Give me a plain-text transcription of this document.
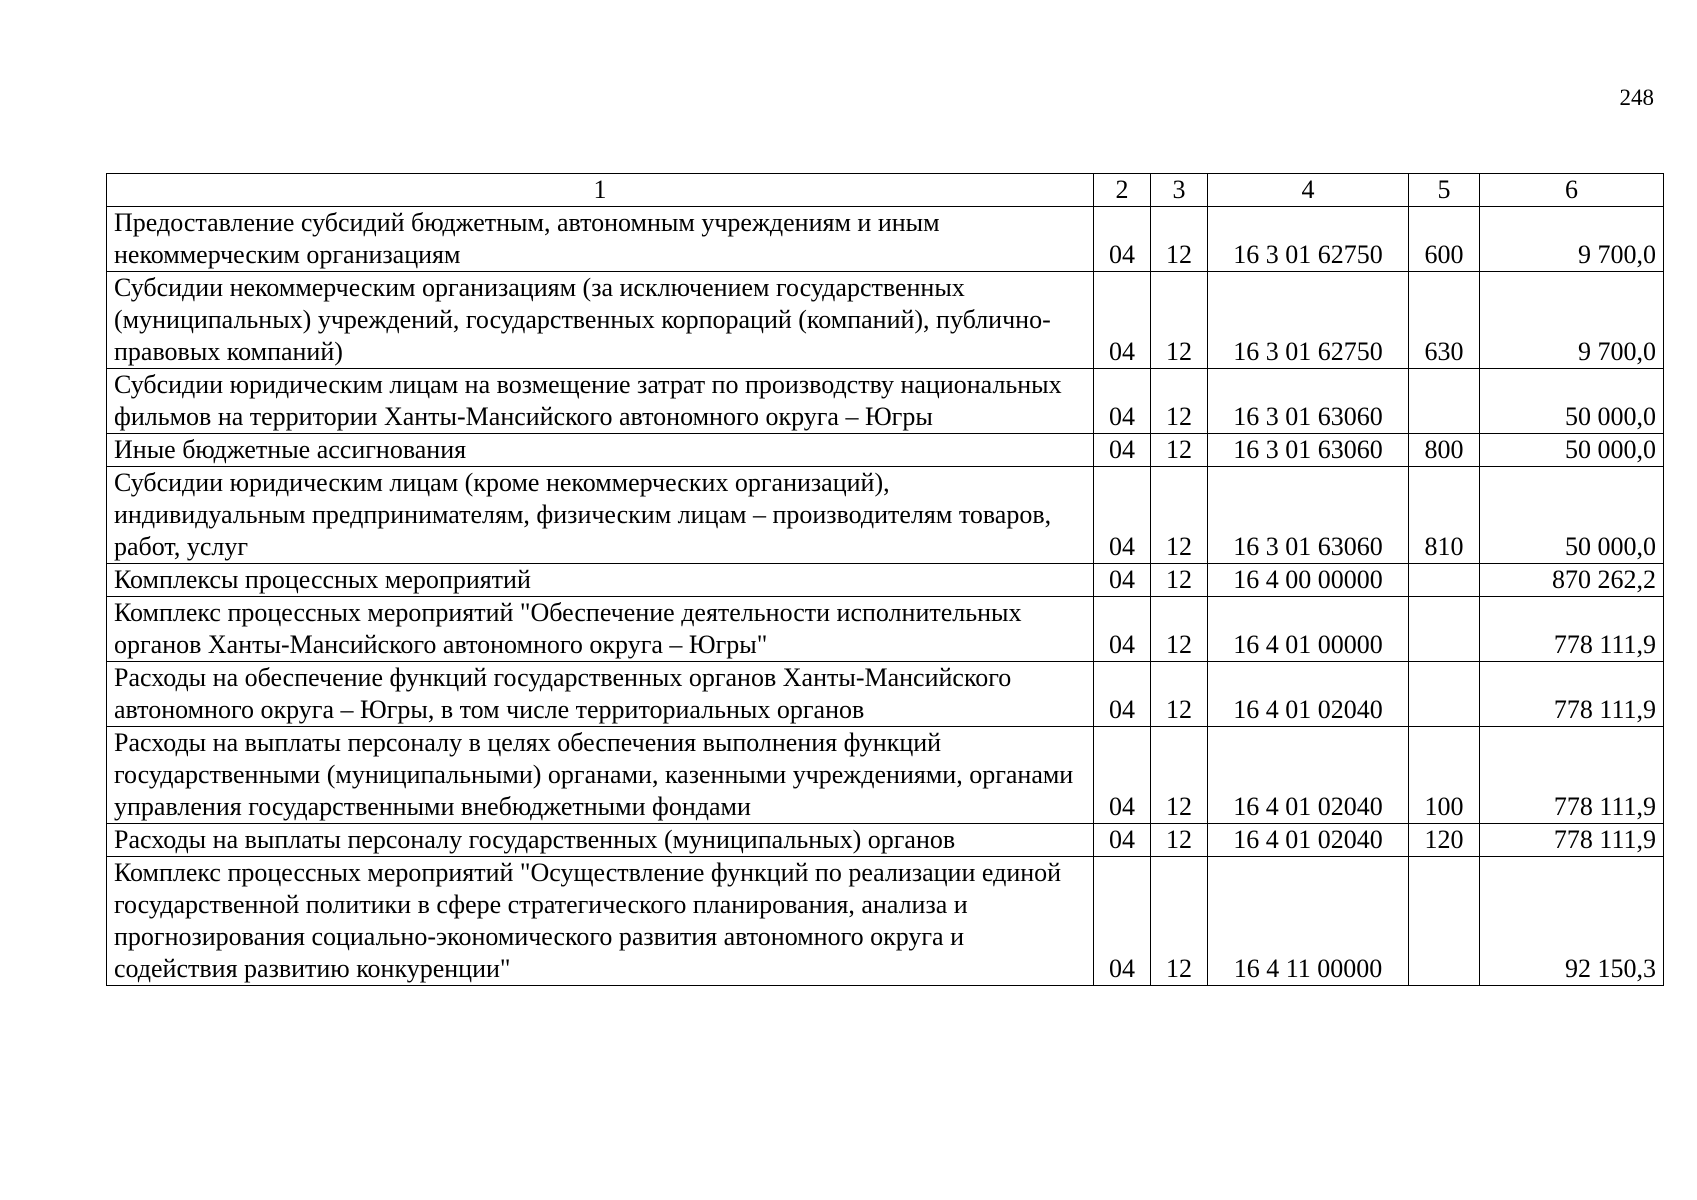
248
1	2	3	4	5	6
Предоставление субсидий бюджетным, автономным учреждениям и иным некоммерческим организациям	04	12	16 3 01 62750	600	9 700,0
Субсидии некоммерческим организациям (за исключением государственных (муниципальных) учреждений, государственных корпораций (компаний), публично-правовых компаний)	04	12	16 3 01 62750	630	9 700,0
Субсидии юридическим лицам на возмещение затрат по производству национальных фильмов на территории Ханты-Мансийского автономного округа – Югры	04	12	16 3 01 63060		50 000,0
Иные бюджетные ассигнования	04	12	16 3 01 63060	800	50 000,0
Субсидии юридическим лицам (кроме некоммерческих организаций), индивидуальным предпринимателям, физическим лицам – производителям товаров, работ, услуг	04	12	16 3 01 63060	810	50 000,0
Комплексы процессных мероприятий	04	12	16 4 00 00000		870 262,2
Комплекс процессных мероприятий "Обеспечение деятельности исполнительных органов Ханты-Мансийского автономного округа – Югры"	04	12	16 4 01 00000		778 111,9
Расходы на обеспечение функций государственных органов Ханты-Мансийского автономного округа – Югры, в том числе территориальных органов	04	12	16 4 01 02040		778 111,9
Расходы на выплаты персоналу в целях обеспечения выполнения функций государственными (муниципальными) органами, казенными учреждениями, органами управления государственными внебюджетными фондами	04	12	16 4 01 02040	100	778 111,9
Расходы на выплаты персоналу государственных (муниципальных) органов	04	12	16 4 01 02040	120	778 111,9
Комплекс процессных мероприятий "Осуществление функций по реализации единой государственной политики в сфере стратегического планирования, анализа и прогнозирования социально-экономического развития автономного округа и содействия развитию конкуренции"	04	12	16 4 11 00000		92 150,3
